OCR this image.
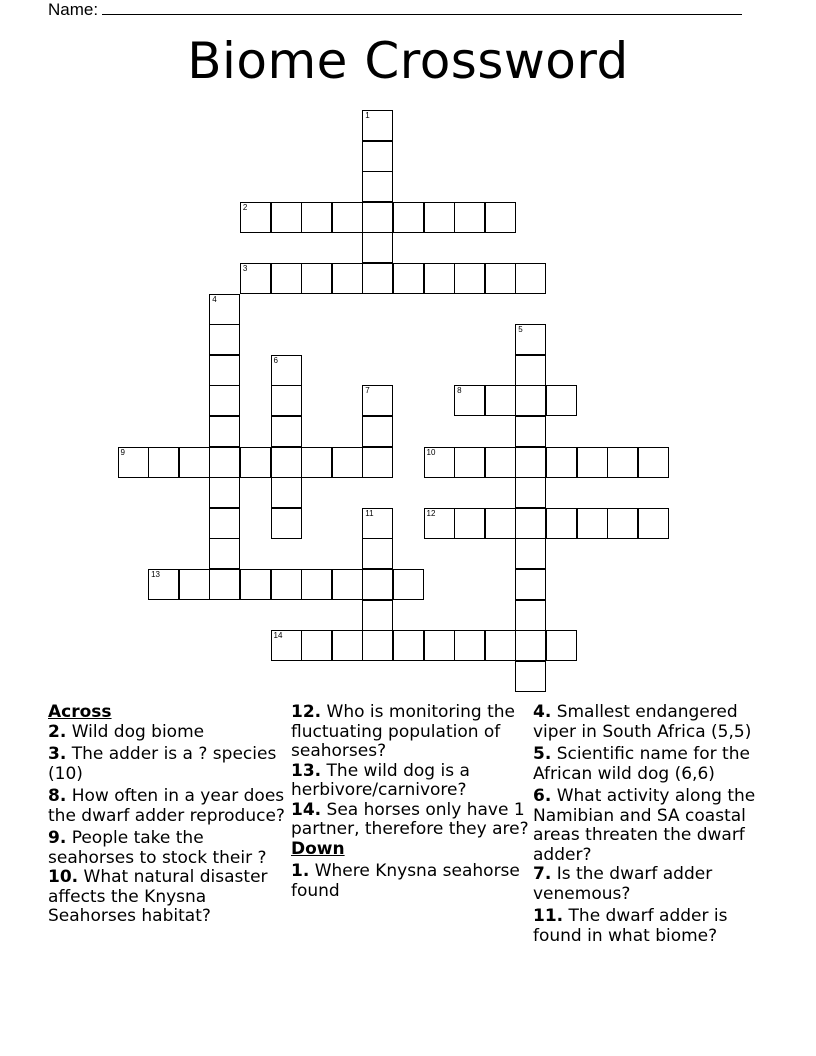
Name:
Biome Crossword
1
2
3
4
5
6
7	8
9	10
11	12
13
14

Across

2. Wild dog biome

3. The adder is a ? species (10)

8. How often in a year does the dwarf adder reproduce?

9. People take the seahorses to stock their ?

10. What natural disaster affects the Knysna Seahorses habitat?

12. Who is monitoring the fluctuating population of seahorses?

13. The wild dog is a herbivore/carnivore?

14. Sea horses only have 1 partner, therefore they are?

Down

1. Where Knysna seahorse found

4. Smallest endangered viper in South Africa (5,5)

5. Scientific name for the African wild dog (6,6)

6. What activity along the Namibian and SA coastal areas threaten the dwarf adder?

7. Is the dwarf adder venemous?

11. The dwarf adder is found in what biome?
